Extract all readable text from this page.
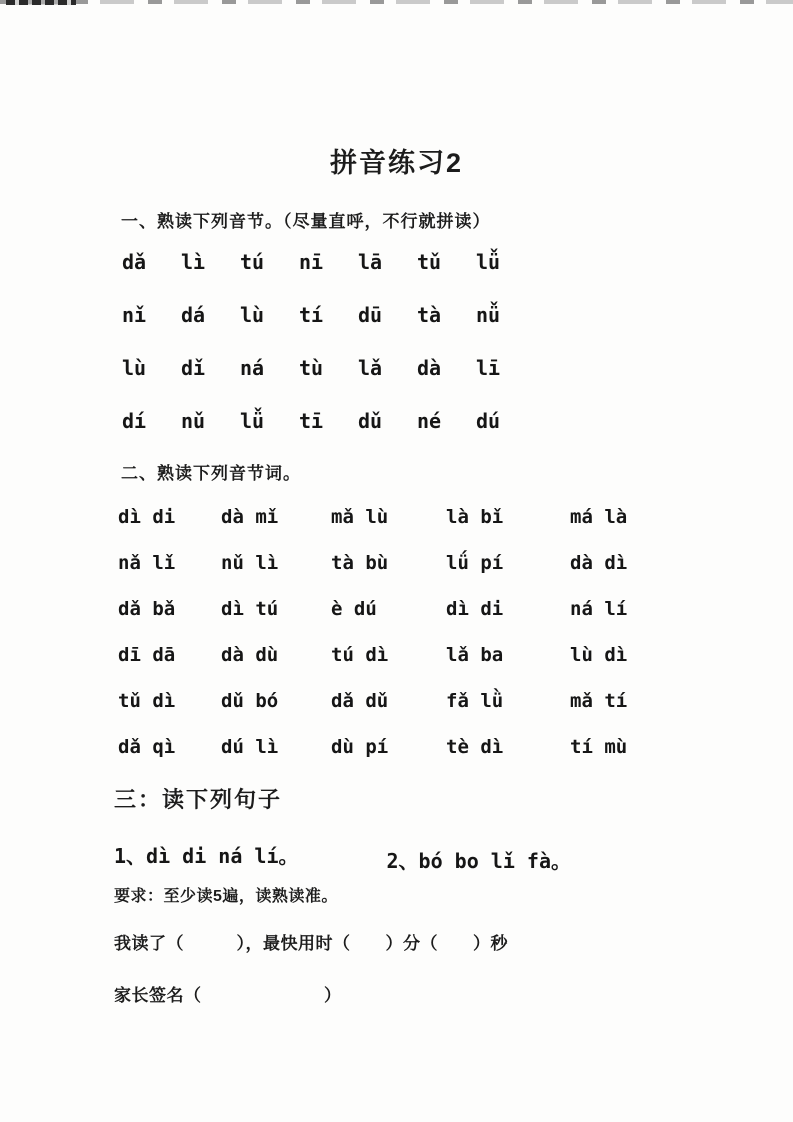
拼音练习2
一、熟读下列音节。（尽量直呼，不行就拼读）
dǎ	lì	tú	nī	lā	tǔ	lǚ
nǐ	dá	lù	tí	dū	tà	nǚ
lù	dǐ	ná	tù	lǎ	dà	lī
dí	nǔ	lǚ	tī	dǔ	né	dú
二、熟读下列音节词。
dì di	dà mǐ	mǎ lù	là bǐ	má là
nǎ lǐ	nǔ lì	tà bù	lǘ pí	dà dì
dǎ bǎ	dì tú	è dú	dì di	ná lí
dī dā	dà dù	tú dì	lǎ ba	lù dì
tǔ dì	dǔ bó	dǎ dǔ	fǎ lǜ	mǎ tí
dǎ qì	dú lì	dù pí	tè dì	tí mù
三：读下列句子
1、dì di ná lí。	2、bó bo lǐ fà。
要求：至少读5遍，读熟读准。
我读了（　　　），最快用时（　　）分（　　）秒
家长签名（　　　　　　　）
